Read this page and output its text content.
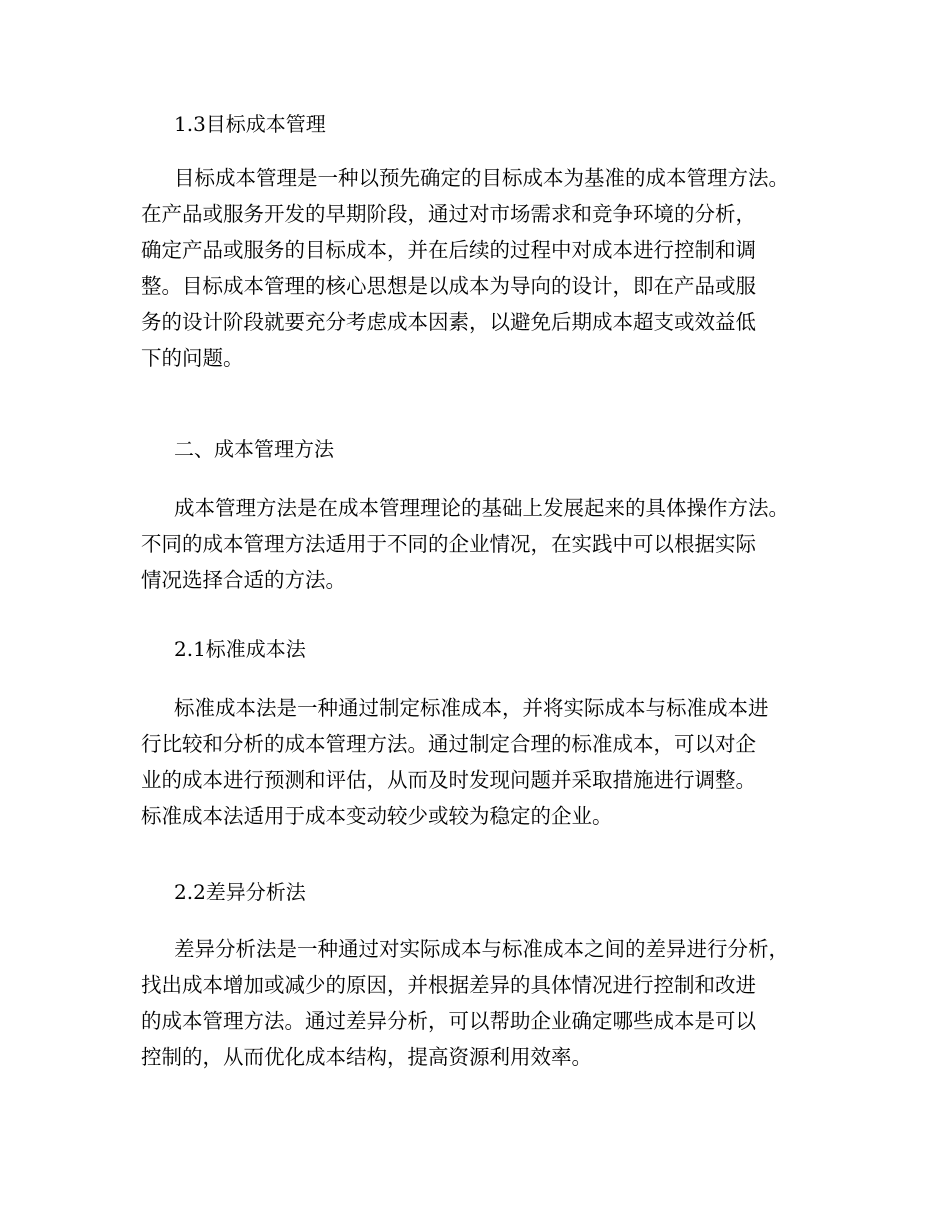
1.3目标成本管理
目标成本管理是一种以预先确定的目标成本为基准的成本管理方法。
在产品或服务开发的早期阶段，通过对市场需求和竞争环境的分析，
确定产品或服务的目标成本，并在后续的过程中对成本进行控制和调
整。目标成本管理的核心思想是以成本为导向的设计，即在产品或服
务的设计阶段就要充分考虑成本因素，以避免后期成本超支或效益低
下的问题。
二、成本管理方法
成本管理方法是在成本管理理论的基础上发展起来的具体操作方法。
不同的成本管理方法适用于不同的企业情况，在实践中可以根据实际
情况选择合适的方法。
2.1标准成本法
标准成本法是一种通过制定标准成本，并将实际成本与标准成本进
行比较和分析的成本管理方法。通过制定合理的标准成本，可以对企
业的成本进行预测和评估，从而及时发现问题并采取措施进行调整。
标准成本法适用于成本变动较少或较为稳定的企业。
2.2差异分析法
差异分析法是一种通过对实际成本与标准成本之间的差异进行分析，
找出成本增加或减少的原因，并根据差异的具体情况进行控制和改进
的成本管理方法。通过差异分析，可以帮助企业确定哪些成本是可以
控制的，从而优化成本结构，提高资源利用效率。
